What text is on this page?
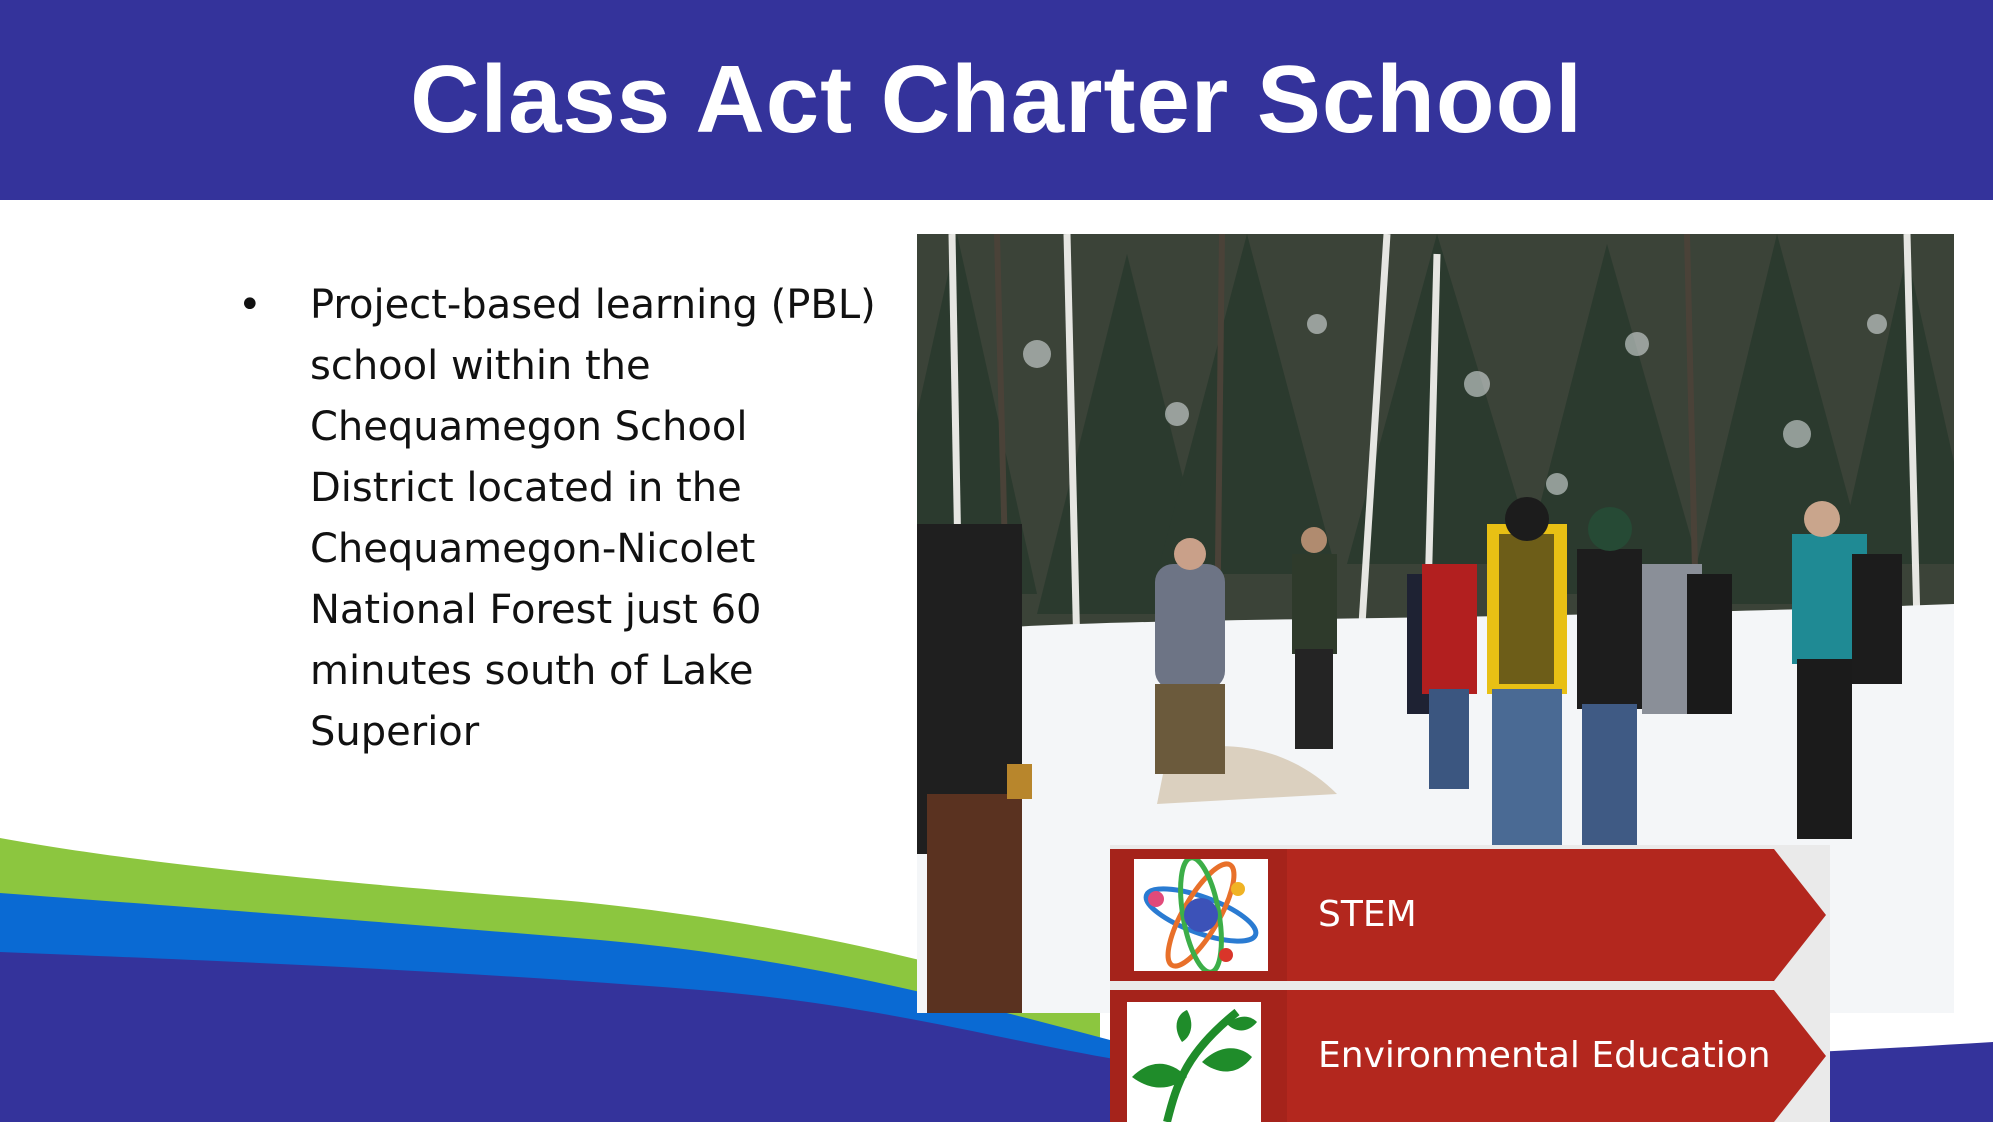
Class Act Charter School
• Project-based learning (PBL) school within the Chequamegon School District located in the Chequamegon-Nicolet National Forest just 60 minutes south of Lake Superior
STEM
Environmental Education
